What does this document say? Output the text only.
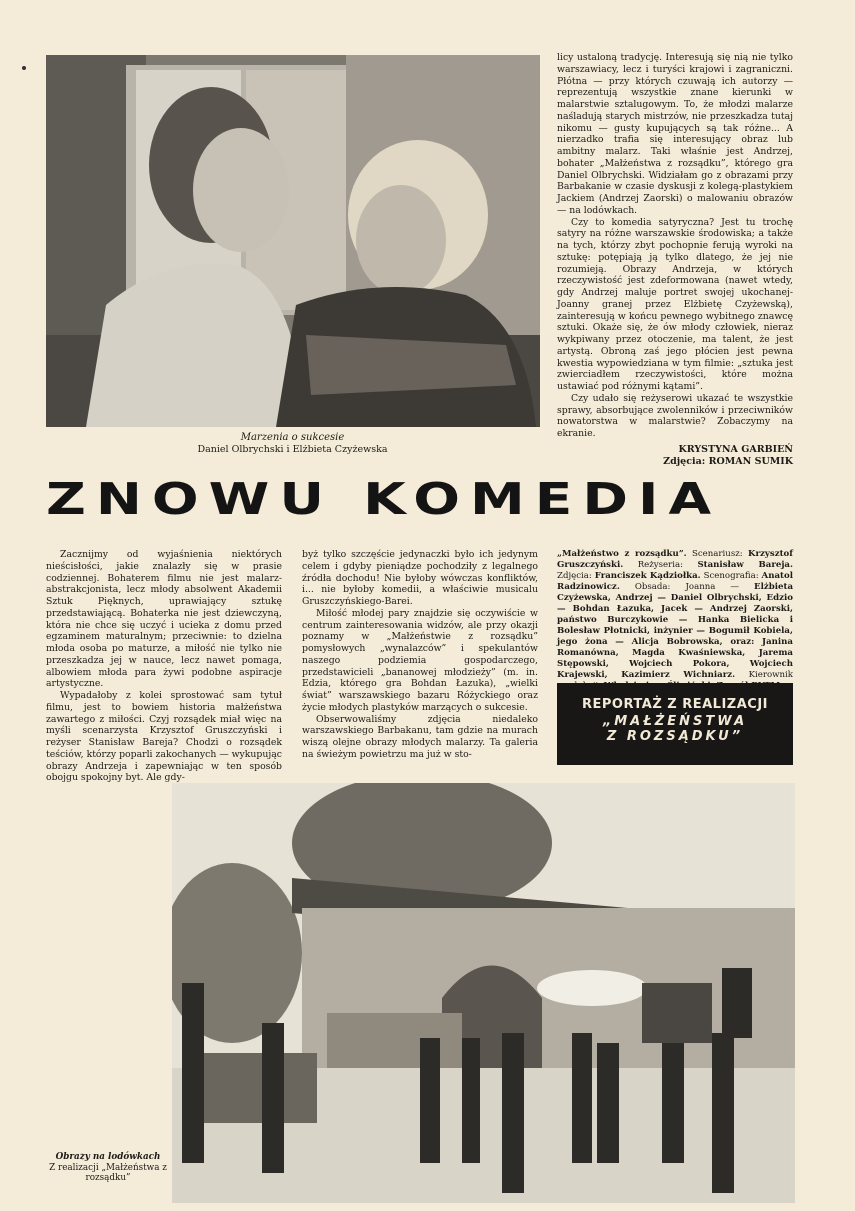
Marzenia o sukcesie
Daniel Olbrychski i Elżbieta Czyżewska

licy ustaloną tradycję. Interesują się nią nie tylko warszawiacy, lecz i turyści krajowi i zagraniczni. Płótna — przy których czuwają ich autorzy — reprezentują wszystkie znane kierunki w malarstwie sztalugowym. To, że młodzi malarze naśladują starych mistrzów, nie przeszkadza tutaj nikomu — gusty kupujących są tak różne... A nierzadko trafia się interesujący obraz lub ambitny malarz. Taki właśnie jest Andrzej, bohater „Małżeństwa z rozsądku”, którego gra Daniel Olbrychski. Widziałam go z obrazami przy Barbakanie w czasie dyskusji z kolegą-plastykiem Jackiem (Andrzej Zaorski) o malowaniu obrazów — na lodówkach.

Czy to komedia satyryczna? Jest tu trochę satyry na różne warszawskie środowiska; a także na tych, którzy zbyt pochopnie ferują wyroki na sztukę: potępiają ją tylko dlatego, że jej nie rozumieją. Obrazy Andrzeja, w których rzeczywistość jest zdeformowana (nawet wtedy, gdy Andrzej maluje portret swojej ukochanej-Joanny granej przez Elżbietę Czyżewską), zainteresują w końcu pewnego wybitnego znawcę sztuki. Okaże się, że ów młody człowiek, nieraz wykpiwany przez otoczenie, ma talent, że jest artystą. Obroną zaś jego płócien jest pewna kwestia wypowiedziana w tym filmie: „sztuka jest zwierciadłem rzeczywistości, które można ustawiać pod różnymi kątami”.

Czy udało się reżyserowi ukazać te wszystkie sprawy, absorbujące zwolenników i przeciwników nowatorstwa w malarstwie? Zobaczymy na ekranie.

KRYSTYNA GARBIEŃ
Zdjęcia: ROMAN SUMIK
ZNOWU KOMEDIA

Zacznijmy od wyjaśnienia niektórych nieścisłości, jakie znalazły się w prasie codziennej. Bohaterem filmu nie jest malarz-abstrakcjonista, lecz młody absolwent Akademii Sztuk Pięknych, uprawiający sztukę przedstawiającą. Bohaterka nie jest dziewczyną, która nie chce się uczyć i ucieka z domu przed egzaminem maturalnym; przeciwnie: to dzielna młoda osoba po maturze, a miłość nie tylko nie przeszkadza jej w nauce, lecz nawet pomaga, albowiem młoda para żywi podobne aspiracje artystyczne.

Wypadałoby z kolei sprostować sam tytuł filmu, jest to bowiem historia małżeństwa zawartego z miłości. Czyj rozsądek miał więc na myśli scenarzysta Krzysztof Gruszczyński i reżyser Stanisław Bareja? Chodzi o rozsądek teściów, którzy poparli zakochanych — wykupując obrazy Andrzeja i zapewniając w ten sposób obojgu spokojny byt. Ale gdy-

byż tylko szczęście jedynaczki było ich jedynym celem i gdyby pieniądze pochodziły z legalnego źródła dochodu! Nie byłoby wówczas konfliktów, i... nie byłoby komedii, a właściwie musicalu Gruszczyńskiego-Barei.

Miłość młodej pary znajdzie się oczywiście w centrum zainteresowania widzów, ale przy okazji poznamy w „Małżeństwie z rozsądku” pomysłowych „wynalazców” i spekulantów naszego podziemia gospodarczego, przedstawicieli „bananowej młodzieży” (m. in. Edzia, którego gra Bohdan Łazuka), „wielki świat” warszawskiego bazaru Różyckiego oraz życie młodych plastyków marzących o sukcesie.

Obserwowaliśmy zdjęcia niedaleko warszawskiego Barbakanu, tam gdzie na murach wiszą olejne obrazy młodych malarzy. Ta galeria na świeżym powietrzu ma już w sto-

„Małżeństwo z rozsądku”. Scenariusz: Krzysztof Gruszczyński. Reżyseria: Stanisław Bareja. Zdjęcia: Franciszek Kądziołka. Scenografia: Anatol Radzinowicz. Obsada: Joanna — Elżbieta Czyżewska, Andrzej — Daniel Olbrychski, Edzio — Bohdan Łazuka, Jacek — Andrzej Zaorski, państwo Burczykowie — Hanka Bielicka i Bolesław Płotnicki, inżynier — Bogumił Kobiela, jego żona — Alicja Bobrowska, oraz: Janina Romanówna, Magda Kwaśniewska, Jarema Stępowski, Wojciech Pokora, Wojciech Krajewski, Kazimierz Wichniarz. Kierownik
REPORTAŻ Z REALIZACJI
„MAŁŻEŃSTWA
Z ROZSĄDKU”
Obrazy na lodówkach
Z realizacji „Małżeństwa z rozsądku”
